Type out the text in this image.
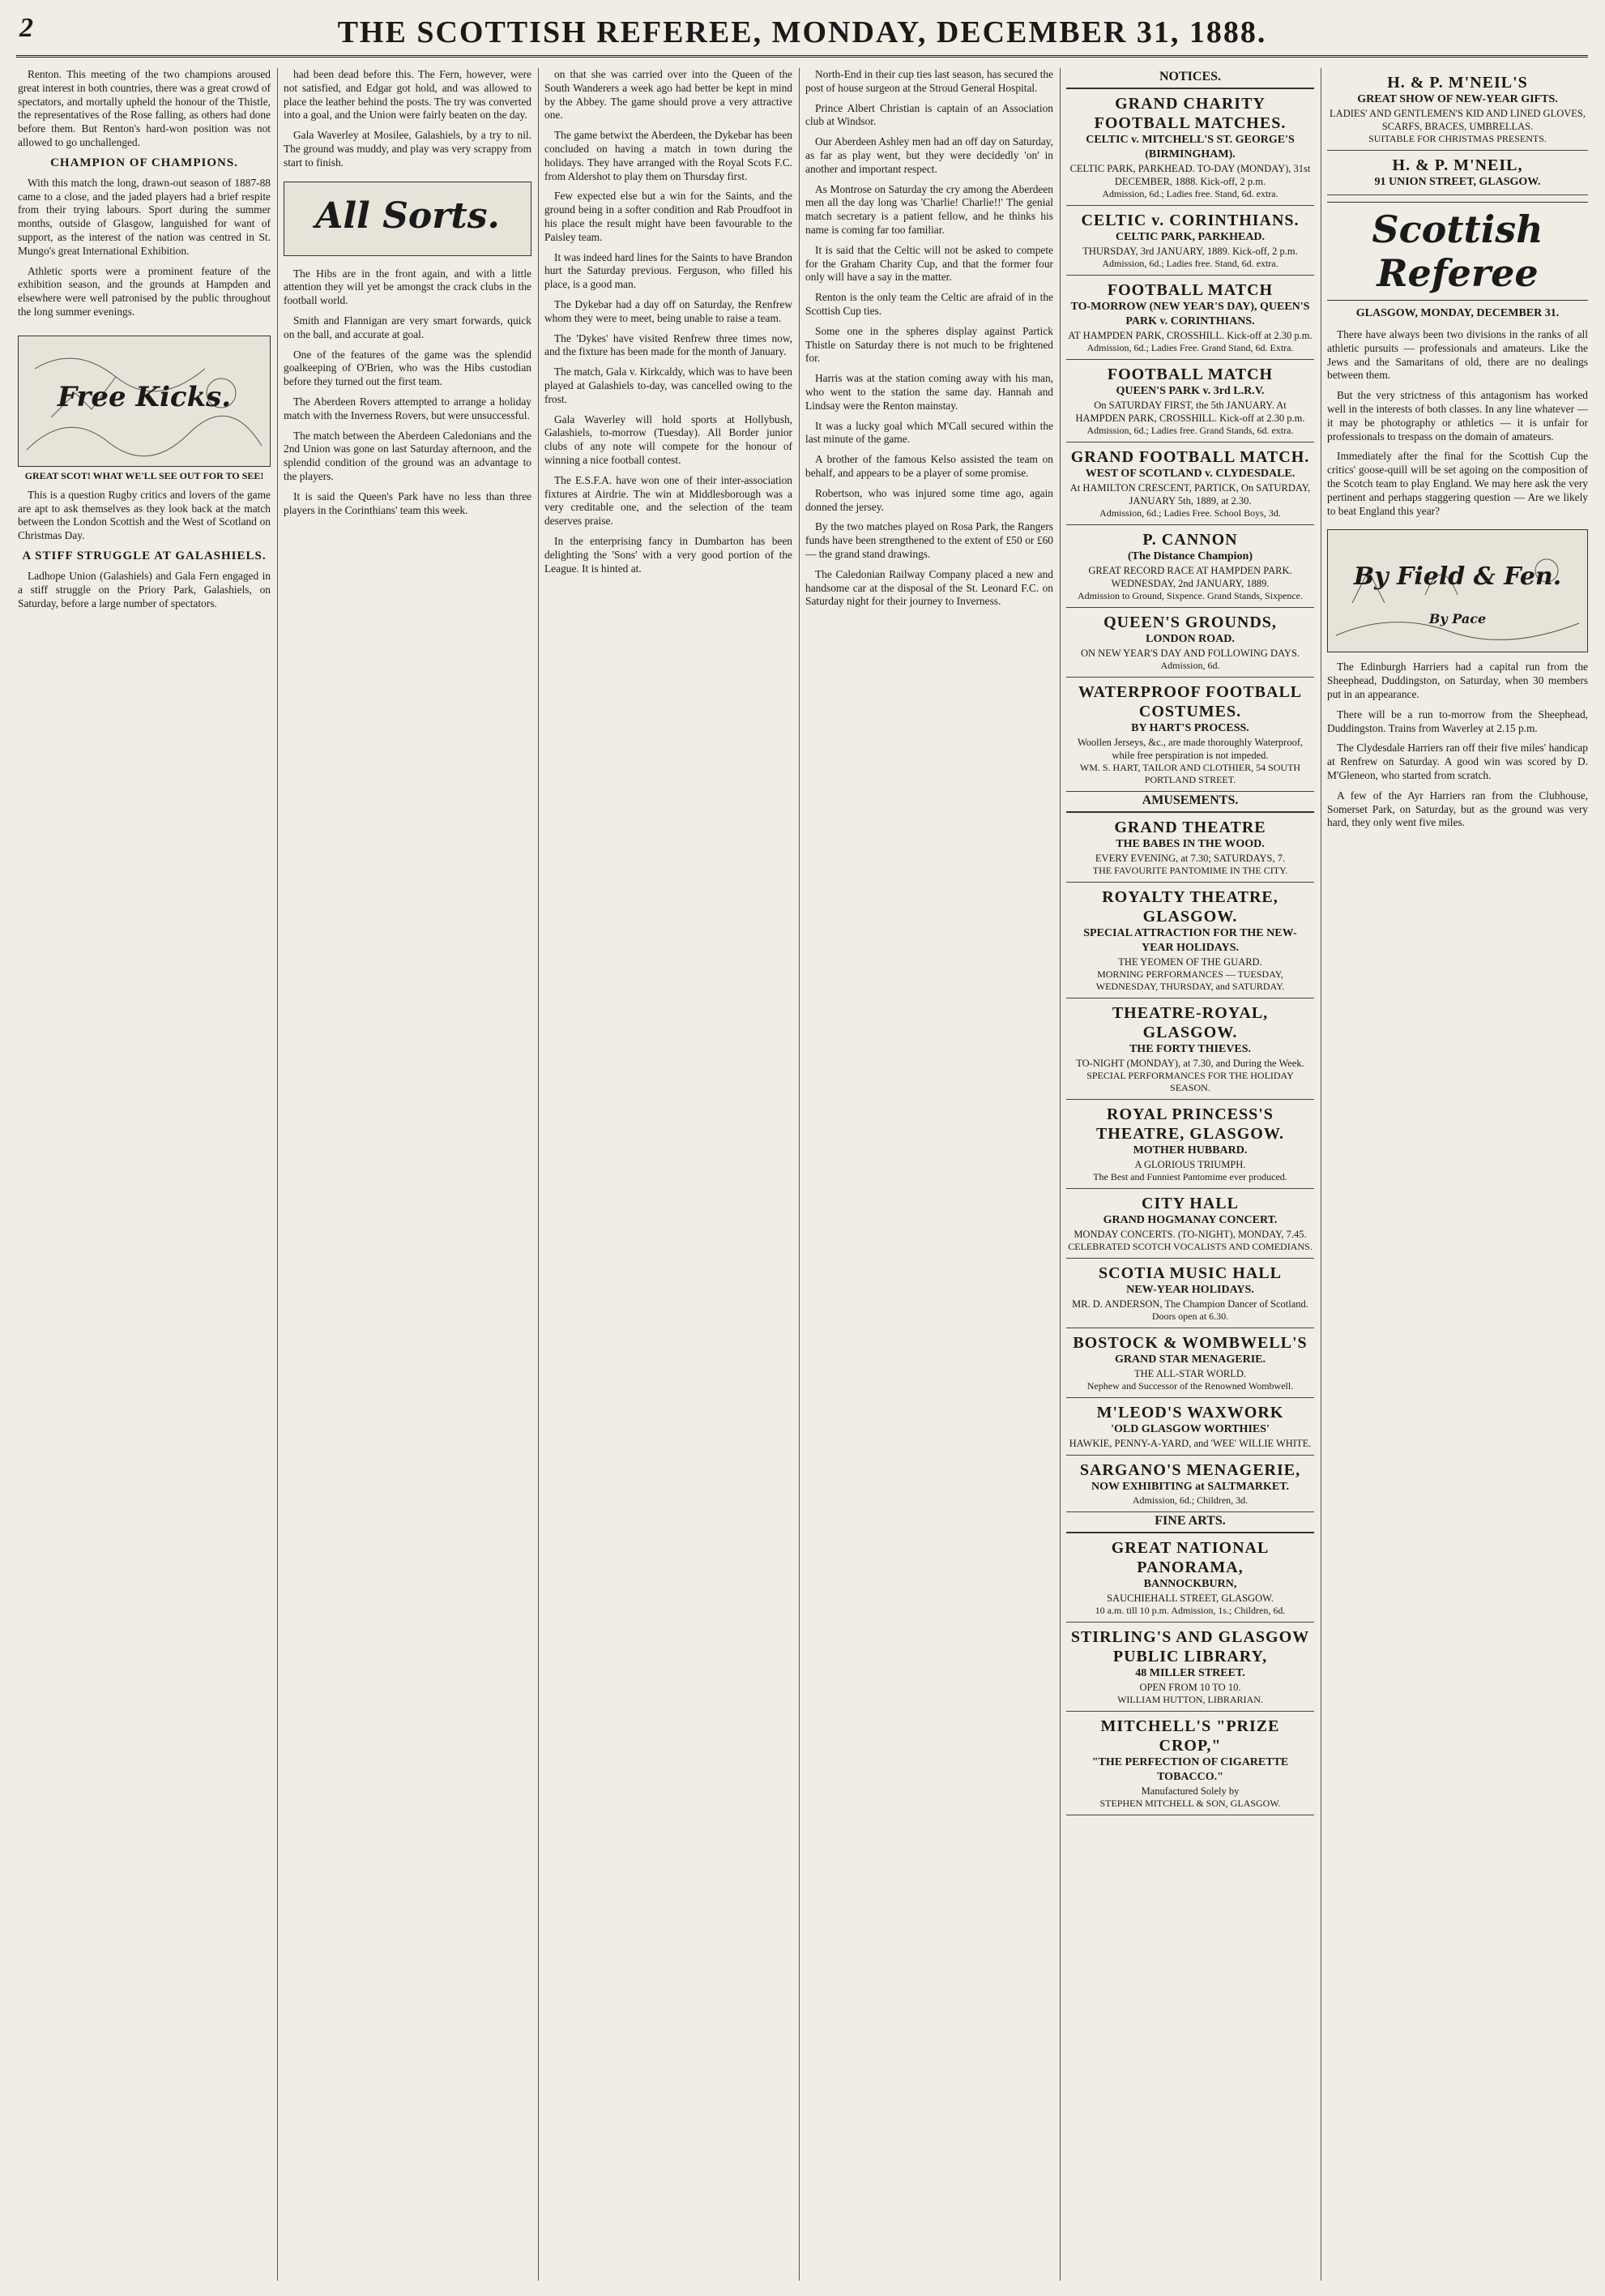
2	THE SCOTTISH REFEREE, MONDAY, DECEMBER 31, 1888.

Renton. This meeting of the two champions aroused great interest in both countries, there was a great crowd of spectators, and mortally upheld the honour of the Thistle, the representatives of the Rose falling, as others had done before them. But Renton's hard-won position was not allowed to go unchallenged.

CHAMPION OF CHAMPIONS.

With this match the long, drawn-out season of 1887-88 came to a close, and the jaded players had a brief respite from their trying labours. Sport during the summer months, outside of Glasgow, languished for want of support, as the interest of the nation was centred in St. Mungo's great International Exhibition.

Athletic sports were a prominent feature of the exhibition season, and the grounds at Hampden and elsewhere were well patronised by the public throughout the long summer evenings.

Free Kicks.
GREAT SCOT! WHAT WE'LL SEE OUT FOR TO SEE!

This is a question Rugby critics and lovers of the game are apt to ask themselves as they look back at the match between the London Scottish and the West of Scotland on Christmas Day.

A STIFF STRUGGLE AT GALASHIELS.

Ladhope Union (Galashiels) and Gala Fern engaged in a stiff struggle on the Priory Park, Galashiels, on Saturday, before a large number of spectators.

had been dead before this. The Fern, however, were not satisfied, and Edgar got hold, and was allowed to place the leather behind the posts. The try was converted into a goal, and the Union were fairly beaten on the day.

Gala Waverley at Mosilee, Galashiels, by a try to nil. The ground was muddy, and play was very scrappy from start to finish.

All Sorts.

The Hibs are in the front again, and with a little attention they will yet be amongst the crack clubs in the football world.

Smith and Flannigan are very smart forwards, quick on the ball, and accurate at goal.

One of the features of the game was the splendid goalkeeping of O'Brien, who was the Hibs custodian before they turned out the first team.

The Aberdeen Rovers attempted to arrange a holiday match with the Inverness Rovers, but were unsuccessful.

The match between the Aberdeen Caledonians and the 2nd Union was gone on last Saturday afternoon, and the splendid condition of the ground was an advantage to the players.

It is said the Queen's Park have no less than three players in the Corinthians' team this week.

on that she was carried over into the Queen of the South Wanderers a week ago had better be kept in mind by the Abbey. The game should prove a very attractive one.

The game betwixt the Aberdeen, the Dykebar has been concluded on having a match in town during the holidays. They have arranged with the Royal Scots F.C. from Aldershot to play them on Thursday first.

Few expected else but a win for the Saints, and the ground being in a softer condition and Rab Proudfoot in his place the result might have been favourable to the Paisley team.

It was indeed hard lines for the Saints to have Brandon hurt the Saturday previous. Ferguson, who filled his place, is a good man.

The Dykebar had a day off on Saturday, the Renfrew whom they were to meet, being unable to raise a team.

The 'Dykes' have visited Renfrew three times now, and the fixture has been made for the month of January.

The match, Gala v. Kirkcaldy, which was to have been played at Galashiels to-day, was cancelled owing to the frost.

Gala Waverley will hold sports at Hollybush, Galashiels, to-morrow (Tuesday). All Border junior clubs of any note will compete for the honour of winning a nice football contest.

The E.S.F.A. have won one of their inter-association fixtures at Airdrie. The win at Middlesborough was a very creditable one, and the selection of the team deserves praise.

In the enterprising fancy in Dumbarton has been delighting the 'Sons' with a very good portion of the League. It is hinted at.

North-End in their cup ties last season, has secured the post of house surgeon at the Stroud General Hospital.

Prince Albert Christian is captain of an Association club at Windsor.

Our Aberdeen Ashley men had an off day on Saturday, as far as play went, but they were decidedly 'on' in another and important respect.

As Montrose on Saturday the cry among the Aberdeen men all the day long was 'Charlie! Charlie!!' The genial match secretary is a patient fellow, and he thinks his name is coming far too familiar.

It is said that the Celtic will not be asked to compete for the Graham Charity Cup, and that the former four only will have a say in the matter.

Renton is the only team the Celtic are afraid of in the Scottish Cup ties.

Some one in the spheres display against Partick Thistle on Saturday there is not much to be frightened for.

Harris was at the station coming away with his man, who went to the station the same day. Hannah and Lindsay were the Renton mainstay.

It was a lucky goal which M'Call secured within the last minute of the game.

A brother of the famous Kelso assisted the team on behalf, and appears to be a player of some promise.

Robertson, who was injured some time ago, again donned the jersey.

By the two matches played on Rosa Park, the Rangers funds have been strengthened to the extent of £50 or £60 — the grand stand drawings.

The Caledonian Railway Company placed a new and handsome car at the disposal of the St. Leonard F.C. on Saturday night for their journey to Inverness.

NOTICES.
GRAND CHARITY FOOTBALL MATCHES.
CELTIC v. MITCHELL'S ST. GEORGE'S (BIRMINGHAM).
CELTIC PARK, PARKHEAD. TO-DAY (MONDAY), 31st DECEMBER, 1888. Kick-off, 2 p.m.
Admission, 6d.; Ladies free. Stand, 6d. extra.
CELTIC v. CORINTHIANS.
CELTIC PARK, PARKHEAD.
THURSDAY, 3rd JANUARY, 1889. Kick-off, 2 p.m.
Admission, 6d.; Ladies free. Stand, 6d. extra.
FOOTBALL MATCH
TO-MORROW (NEW YEAR'S DAY), QUEEN'S PARK v. CORINTHIANS.
AT HAMPDEN PARK, CROSSHILL. Kick-off at 2.30 p.m.
Admission, 6d.; Ladies Free. Grand Stand, 6d. Extra.
FOOTBALL MATCH
QUEEN'S PARK v. 3rd L.R.V.
On SATURDAY FIRST, the 5th JANUARY. At HAMPDEN PARK, CROSSHILL. Kick-off at 2.30 p.m.
Admission, 6d.; Ladies free. Grand Stands, 6d. extra.
GRAND FOOTBALL MATCH.
WEST OF SCOTLAND v. CLYDESDALE.
At HAMILTON CRESCENT, PARTICK, On SATURDAY, JANUARY 5th, 1889, at 2.30.
Admission, 6d.; Ladies Free. School Boys, 3d.
P. CANNON
(The Distance Champion)
GREAT RECORD RACE AT HAMPDEN PARK. WEDNESDAY, 2nd JANUARY, 1889.
Admission to Ground, Sixpence. Grand Stands, Sixpence.
QUEEN'S GROUNDS,
LONDON ROAD.
ON NEW YEAR'S DAY AND FOLLOWING DAYS.
Admission, 6d.
WATERPROOF FOOTBALL COSTUMES.
BY HART'S PROCESS.
Woollen Jerseys, &c., are made thoroughly Waterproof, while free perspiration is not impeded.
WM. S. HART, TAILOR AND CLOTHIER, 54 SOUTH PORTLAND STREET.
AMUSEMENTS.
GRAND THEATRE
THE BABES IN THE WOOD.
EVERY EVENING, at 7.30; SATURDAYS, 7.
THE FAVOURITE PANTOMIME IN THE CITY.
ROYALTY THEATRE, GLASGOW.
SPECIAL ATTRACTION FOR THE NEW-YEAR HOLIDAYS.
THE YEOMEN OF THE GUARD.
MORNING PERFORMANCES — TUESDAY, WEDNESDAY, THURSDAY, and SATURDAY.
THEATRE-ROYAL, GLASGOW.
THE FORTY THIEVES.
TO-NIGHT (MONDAY), at 7.30, and During the Week.
SPECIAL PERFORMANCES FOR THE HOLIDAY SEASON.
ROYAL PRINCESS'S THEATRE, GLASGOW.
MOTHER HUBBARD.
A GLORIOUS TRIUMPH.
The Best and Funniest Pantomime ever produced.
CITY HALL
GRAND HOGMANAY CONCERT.
MONDAY CONCERTS. (TO-NIGHT), MONDAY, 7.45.
CELEBRATED SCOTCH VOCALISTS AND COMEDIANS.
SCOTIA MUSIC HALL
NEW-YEAR HOLIDAYS.
MR. D. ANDERSON, The Champion Dancer of Scotland.
Doors open at 6.30.
BOSTOCK & WOMBWELL'S
GRAND STAR MENAGERIE.
THE ALL-STAR WORLD.
Nephew and Successor of the Renowned Wombwell.
M'LEOD'S WAXWORK
'OLD GLASGOW WORTHIES'
HAWKIE, PENNY-A-YARD, and 'WEE' WILLIE WHITE.
SARGANO'S MENAGERIE,
NOW EXHIBITING at SALTMARKET.
Admission, 6d.; Children, 3d.
FINE ARTS.
GREAT NATIONAL PANORAMA,
BANNOCKBURN,
SAUCHIEHALL STREET, GLASGOW.
10 a.m. till 10 p.m. Admission, 1s.; Children, 6d.
STIRLING'S AND GLASGOW PUBLIC LIBRARY,
48 MILLER STREET.
OPEN FROM 10 TO 10.
WILLIAM HUTTON, LIBRARIAN.
MITCHELL'S "PRIZE CROP,"
"THE PERFECTION OF CIGARETTE TOBACCO."
Manufactured Solely by
STEPHEN MITCHELL & SON, GLASGOW.
H. & P. M'NEIL'S
GREAT SHOW OF NEW-YEAR GIFTS.
LADIES' AND GENTLEMEN'S KID AND LINED GLOVES, SCARFS, BRACES, UMBRELLAS.
SUITABLE FOR CHRISTMAS PRESENTS.
H. & P. M'NEIL,
91 UNION STREET, GLASGOW.
Scottish Referee
GLASGOW, MONDAY, DECEMBER 31.

There have always been two divisions in the ranks of all athletic pursuits — professionals and amateurs. Like the Jews and the Samaritans of old, there are no dealings between them.

But the very strictness of this antagonism has worked well in the interests of both classes. In any line whatever — it may be photography or athletics — it is unfair for professionals to trespass on the domain of amateurs.

Immediately after the final for the Scottish Cup the critics' goose-quill will be set agoing on the composition of the Scotch team to play England. We may here ask the very pertinent and perhaps staggering question — Are we likely to beat England this year?

By Field & Fen.
By Pace

The Edinburgh Harriers had a capital run from the Sheephead, Duddingston, on Saturday, when 30 members put in an appearance.

There will be a run to-morrow from the Sheephead, Duddingston. Trains from Waverley at 2.15 p.m.

The Clydesdale Harriers ran off their five miles' handicap at Renfrew on Saturday. A good win was scored by D. M'Gleneon, who started from scratch.

A few of the Ayr Harriers ran from the Clubhouse, Somerset Park, on Saturday, but as the ground was very hard, they only went five miles.
